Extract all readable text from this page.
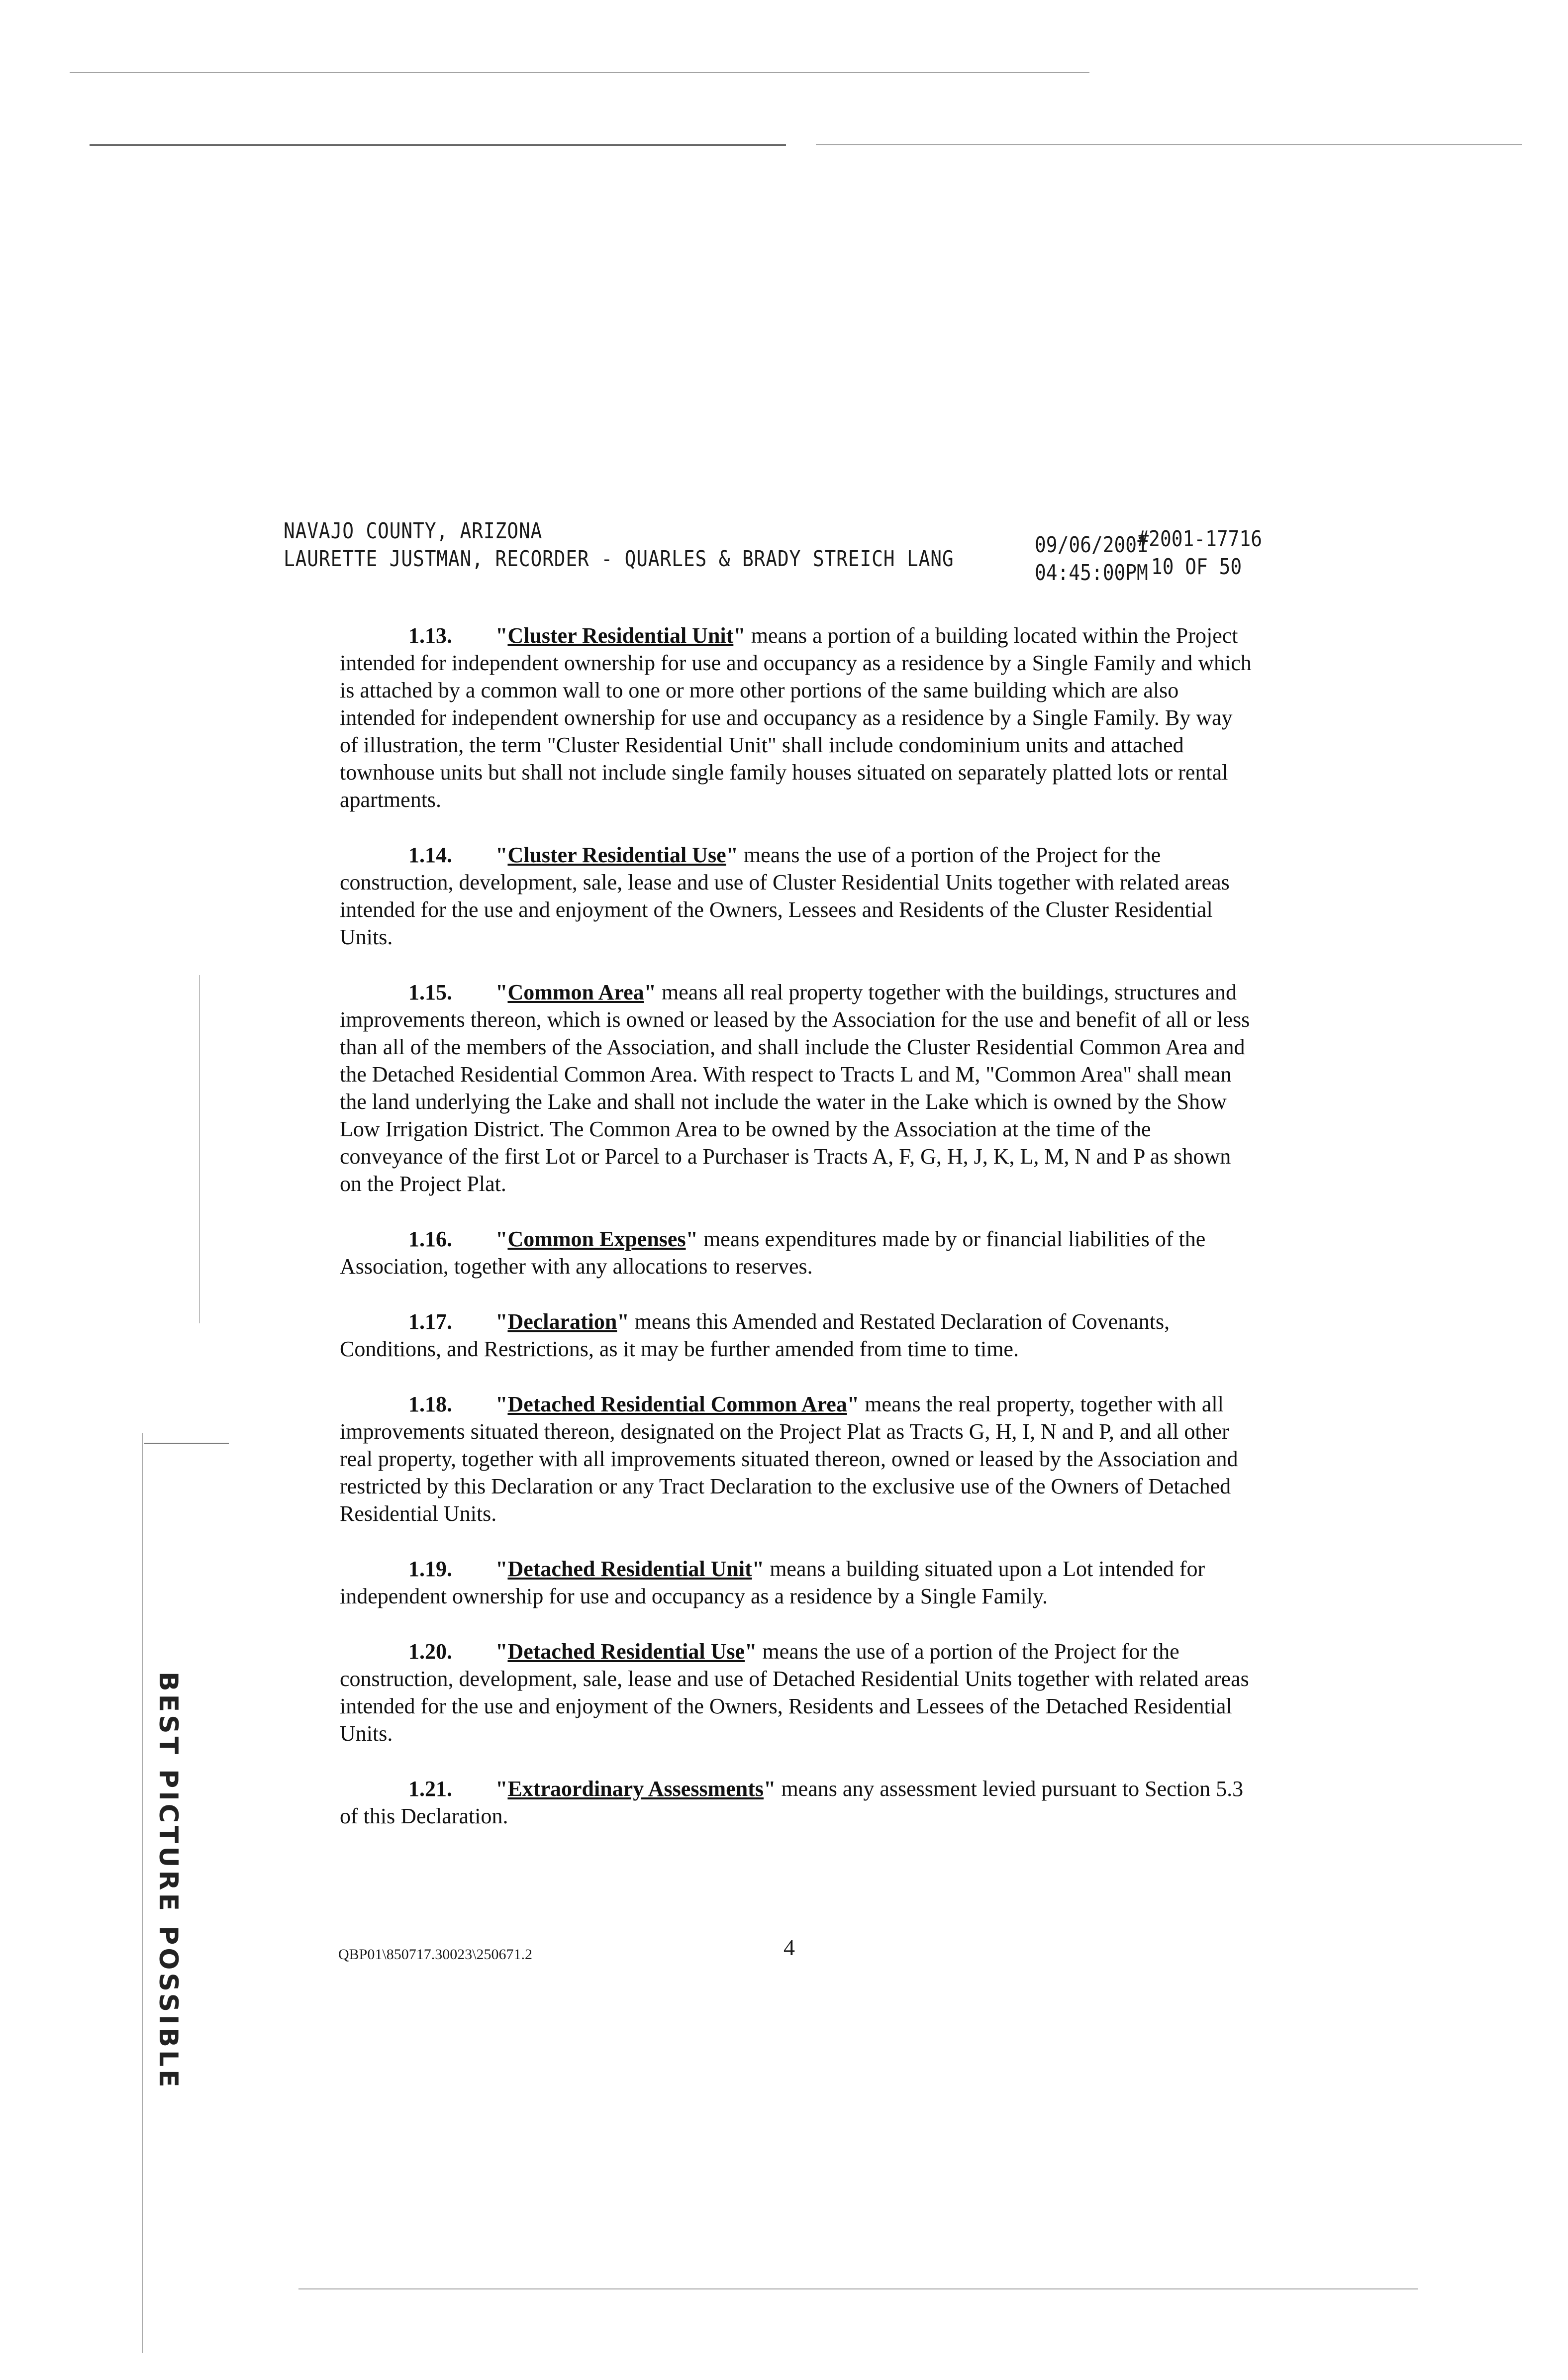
NAVAJO COUNTY, ARIZONA
LAURETTE JUSTMAN, RECORDER - QUARLES & BRADY STREICH LANG
09/06/2001
04:45:00PM
#2001-17716
10 OF 50

1.13. "Cluster Residential Unit" means a portion of a building located within the Project intended for independent ownership for use and occupancy as a residence by a Single Family and which is attached by a common wall to one or more other portions of the same building which are also intended for independent ownership for use and occupancy as a residence by a Single Family. By way of illustration, the term "Cluster Residential Unit" shall include condominium units and attached townhouse units but shall not include single family houses situated on separately platted lots or rental apartments.

1.14. "Cluster Residential Use" means the use of a portion of the Project for the construction, development, sale, lease and use of Cluster Residential Units together with related areas intended for the use and enjoyment of the Owners, Lessees and Residents of the Cluster Residential Units.

1.15. "Common Area" means all real property together with the buildings, structures and improvements thereon, which is owned or leased by the Association for the use and benefit of all or less than all of the members of the Association, and shall include the Cluster Residential Common Area and the Detached Residential Common Area. With respect to Tracts L and M, "Common Area" shall mean the land underlying the Lake and shall not include the water in the Lake which is owned by the Show Low Irrigation District. The Common Area to be owned by the Association at the time of the conveyance of the first Lot or Parcel to a Purchaser is Tracts A, F, G, H, J, K, L, M, N and P as shown on the Project Plat.

1.16. "Common Expenses" means expenditures made by or financial liabilities of the Association, together with any allocations to reserves.

1.17. "Declaration" means this Amended and Restated Declaration of Covenants, Conditions, and Restrictions, as it may be further amended from time to time.

1.18. "Detached Residential Common Area" means the real property, together with all improvements situated thereon, designated on the Project Plat as Tracts G, H, I, N and P, and all other real property, together with all improvements situated thereon, owned or leased by the Association and restricted by this Declaration or any Tract Declaration to the exclusive use of the Owners of Detached Residential Units.

1.19. "Detached Residential Unit" means a building situated upon a Lot intended for independent ownership for use and occupancy as a residence by a Single Family.

1.20. "Detached Residential Use" means the use of a portion of the Project for the construction, development, sale, lease and use of Detached Residential Units together with related areas intended for the use and enjoyment of the Owners, Residents and Lessees of the Detached Residential Units.

1.21. "Extraordinary Assessments" means any assessment levied pursuant to Section 5.3 of this Declaration.

QBP01\850717.30023\250671.2	4
BEST PICTURE POSSIBLE
